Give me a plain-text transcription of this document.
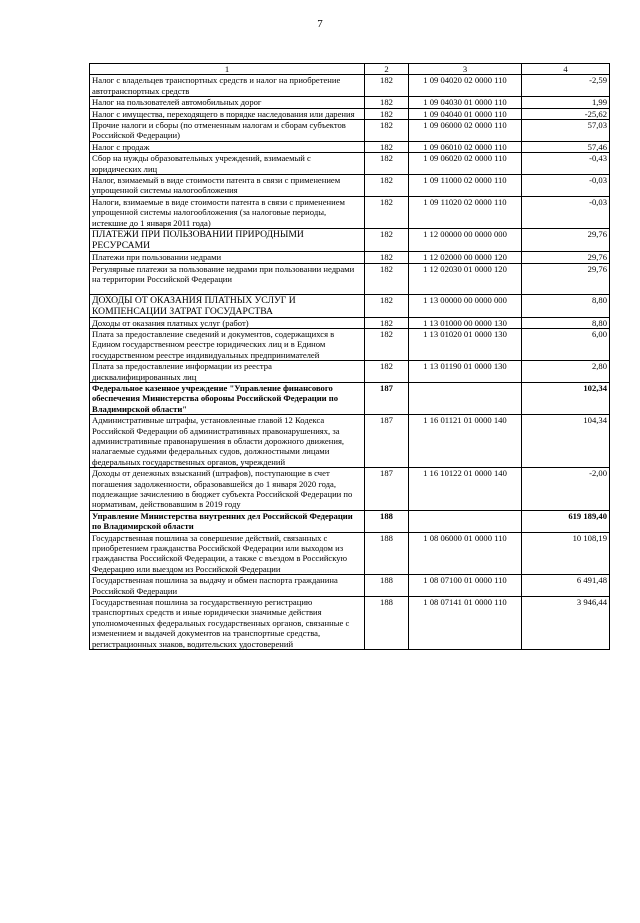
7
1	2	3	4
Налог с владельцев транспортных средств и налог на приобретение автотранспортных средств	182	1 09 04020 02 0000 110	-2,59
Налог на пользователей автомобильных дорог	182	1 09 04030 01 0000 110	1,99
Налог с имущества, переходящего в порядке наследования или дарения	182	1 09 04040 01 0000 110	-25,62
Прочие налоги и сборы (по отмененным налогам и сборам субъектов Российской Федерации)	182	1 09 06000 02 0000 110	57,03
Налог с продаж	182	1 09 06010 02 0000 110	57,46
Сбор на нужды образовательных учреждений, взимаемый с юридических лиц	182	1 09 06020 02 0000 110	-0,43
Налог, взимаемый в виде стоимости патента в связи с применением упрощенной системы налогообложения	182	1 09 11000 02 0000 110	-0,03
Налоги, взимаемые в виде стоимости патента в связи с применением упрощенной системы налогообложения (за налоговые периоды, истекшие до 1 января 2011 года)	182	1 09 11020 02 0000 110	-0,03
ПЛАТЕЖИ ПРИ ПОЛЬЗОВАНИИ ПРИРОДНЫМИ РЕСУРСАМИ	182	1 12 00000 00 0000 000	29,76
Платежи при пользовании недрами	182	1 12 02000 00 0000 120	29,76
Регулярные платежи за пользование недрами при пользовании недрами на территории Российской Федерации	182	1 12 02030 01 0000 120	29,76
ДОХОДЫ ОТ ОКАЗАНИЯ ПЛАТНЫХ УСЛУГ И КОМПЕНСАЦИИ ЗАТРАТ ГОСУДАРСТВА	182	1 13 00000 00 0000 000	8,80
Доходы от оказания платных услуг (работ)	182	1 13 01000 00 0000 130	8,80
Плата за предоставление сведений и документов, содержащихся в Едином государственном реестре юридических лиц и в Едином государственном реестре индивидуальных предпринимателей	182	1 13 01020 01 0000 130	6,00
Плата за предоставление информации из реестра дисквалифицированных лиц	182	1 13 01190 01 0000 130	2,80
Федеральное казенное учреждение "Управление финансового обеспечения Министерства обороны Российской Федерации по Владимирской области"	187		102,34
Административные штрафы, установленные главой 12 Кодекса Российской Федерации об административных правонарушениях, за административные правонарушения в области дорожного движения, налагаемые судьями федеральных судов, должностными лицами федеральных государственных органов, учреждений	187	1 16 01121 01 0000 140	104,34
Доходы от денежных взысканий (штрафов), поступающие в счет погашения задолженности, образовавшейся до 1 января 2020 года, подлежащие зачислению в бюджет субъекта Российской Федерации по нормативам, действовавшим в 2019 году	187	1 16 10122 01 0000 140	-2,00
Управление Министерства внутренних дел Российской Федерации по Владимирской области	188		619 189,40
Государственная пошлина за совершение действий, связанных с приобретением гражданства Российской Федерации или выходом из гражданства Российской Федерации, а также с въездом в Российскую Федерацию или выездом из Российской Федерации	188	1 08 06000 01 0000 110	10 108,19
Государственная пошлина за выдачу и обмен паспорта гражданина Российской Федерации	188	1 08 07100 01 0000 110	6 491,48
Государственная пошлина за государственную регистрацию транспортных средств и иные юридически значимые действия уполномоченных федеральных государственных органов, связанные с изменением и выдачей документов на транспортные средства, регистрационных знаков, водительских удостоверений	188	1 08 07141 01 0000 110	3 946,44
